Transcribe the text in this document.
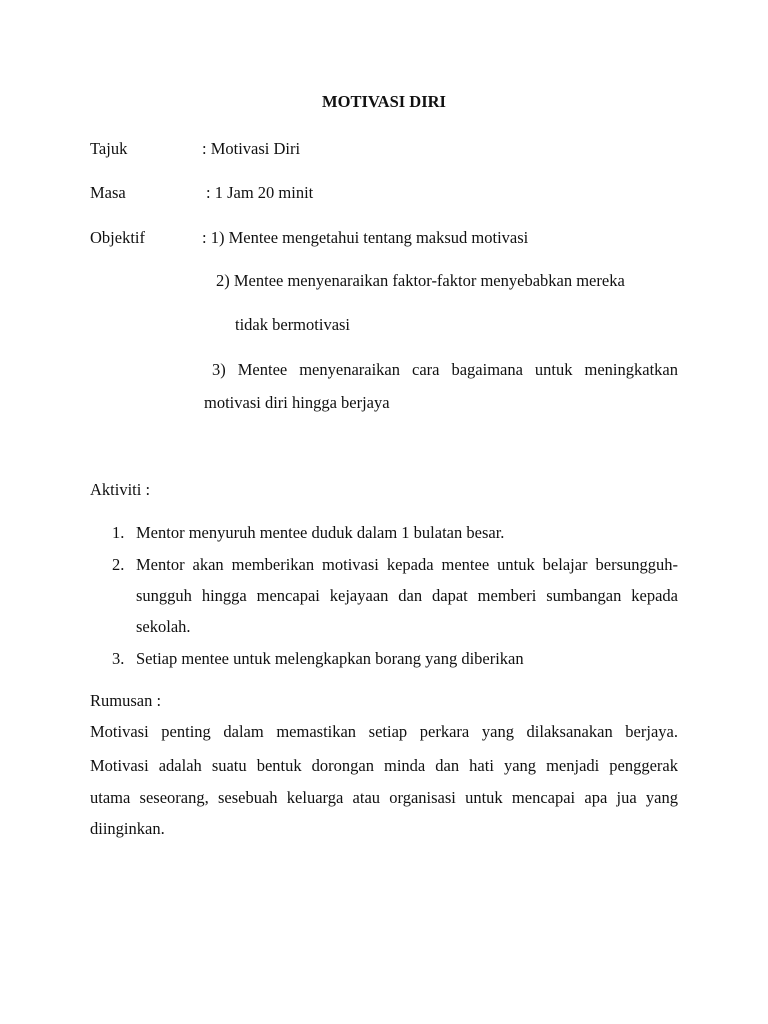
MOTIVASI DIRI
Tajuk	: Motivasi Diri
Masa	: 1 Jam 20 minit
Objektif	: 1) Mentee mengetahui tentang maksud motivasi
2) Mentee menyenaraikan faktor-faktor menyebabkan mereka
tidak bermotivasi
3) Mentee menyenaraikan cara bagaimana untuk meningkatkan
motivasi diri hingga berjaya
Aktiviti :
1. Mentor menyuruh mentee duduk dalam 1 bulatan besar.
2. Mentor akan memberikan motivasi kepada mentee untuk belajar bersungguh-
sungguh hingga mencapai kejayaan dan dapat memberi sumbangan kepada
sekolah.
3. Setiap mentee untuk melengkapkan borang yang diberikan
Rumusan :
Motivasi penting dalam memastikan setiap perkara yang dilaksanakan berjaya.
Motivasi adalah suatu bentuk dorongan minda dan hati yang menjadi penggerak
utama seseorang, sesebuah keluarga atau organisasi untuk mencapai apa jua yang
diinginkan.
